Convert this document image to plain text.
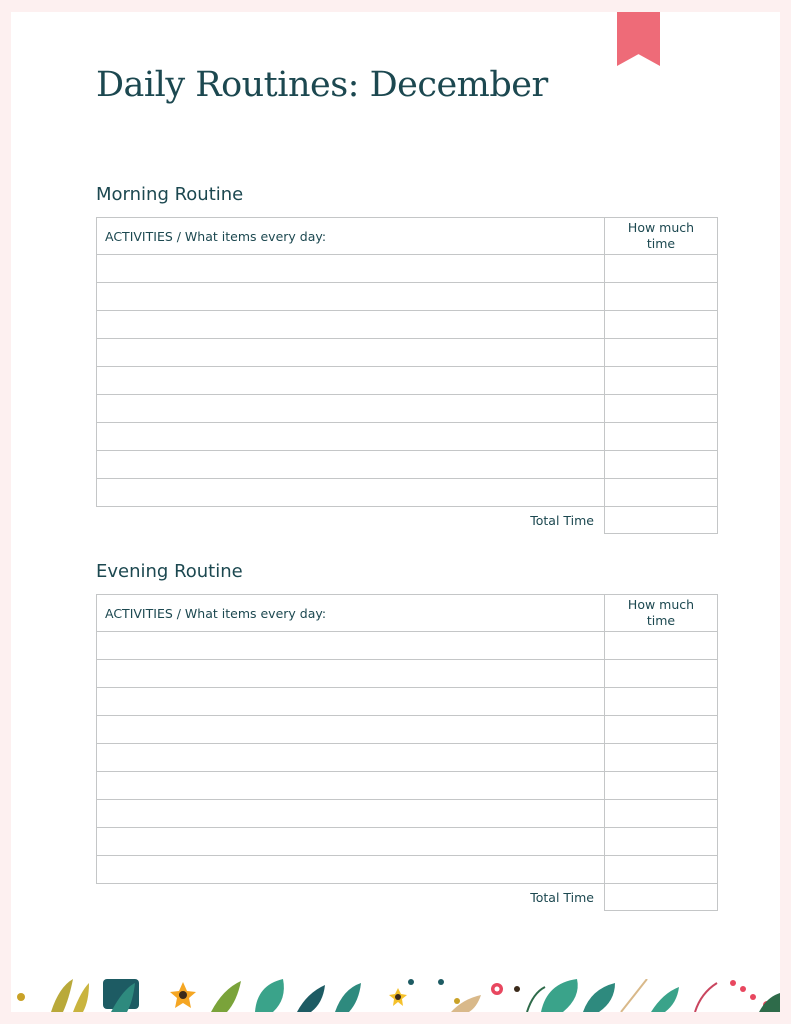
Daily Routines: December
Morning Routine
ACTIVITIES / What items every day:	How much
time

Total Time	
Evening Routine
ACTIVITIES / What items every day:	How much
time

Total Time	
